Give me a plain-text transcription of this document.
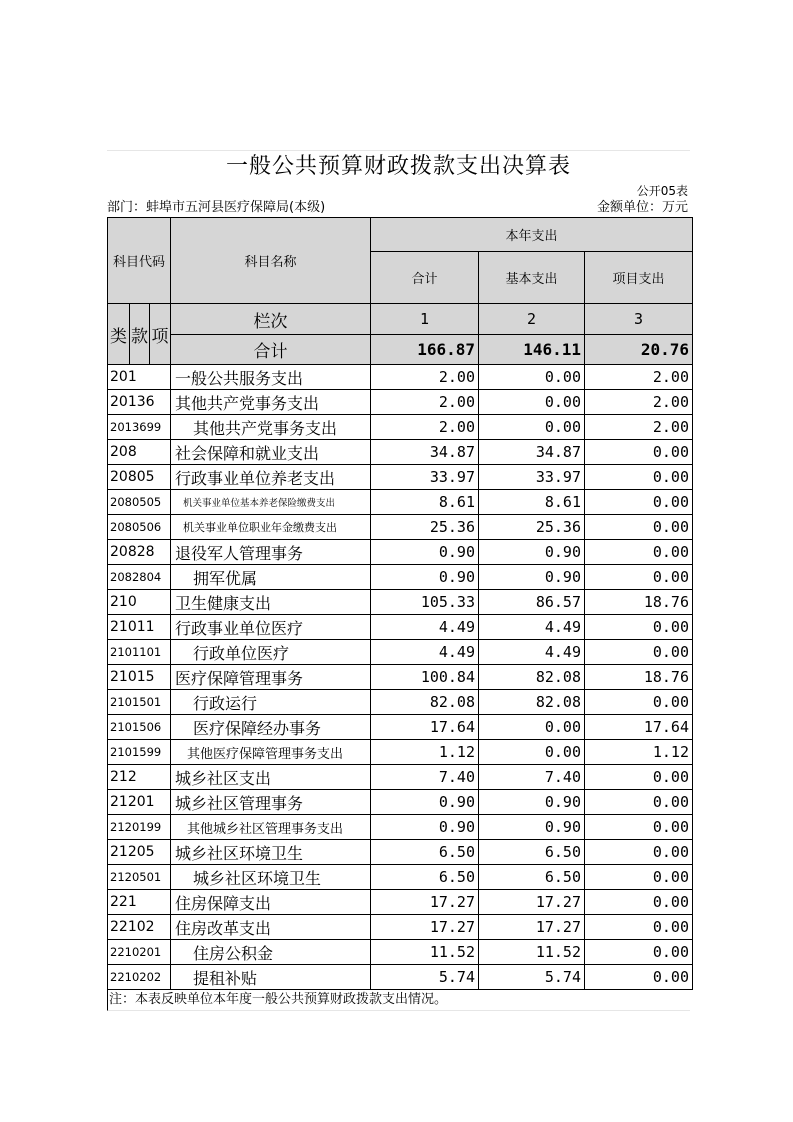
一般公共预算财政拨款支出决算表
公开05表
部门：蚌埠市五河县医疗保障局(本级)	金额单位：万元
科目代码			科目名称	本年支出		
				合计	基本支出	项目支出

类	款	项	栏次	1	2	3
			合计	166.87	146.11	20.76
201			一般公共服务支出	2.00	0.00	2.00
20136			其他共产党事务支出	2.00	0.00	2.00
2013699			其他共产党事务支出	2.00	0.00	2.00
208			社会保障和就业支出	34.87	34.87	0.00
20805			行政事业单位养老支出	33.97	33.97	0.00
2080505			机关事业单位基本养老保险缴费支出	8.61	8.61	0.00
2080506			机关事业单位职业年金缴费支出	25.36	25.36	0.00
20828			退役军人管理事务	0.90	0.90	0.00
2082804			拥军优属	0.90	0.90	0.00
210			卫生健康支出	105.33	86.57	18.76
21011			行政事业单位医疗	4.49	4.49	0.00
2101101			行政单位医疗	4.49	4.49	0.00
21015			医疗保障管理事务	100.84	82.08	18.76
2101501			行政运行	82.08	82.08	0.00
2101506			医疗保障经办事务	17.64	0.00	17.64
2101599			其他医疗保障管理事务支出	1.12	0.00	1.12
212			城乡社区支出	7.40	7.40	0.00
21201			城乡社区管理事务	0.90	0.90	0.00
2120199			其他城乡社区管理事务支出	0.90	0.90	0.00
21205			城乡社区环境卫生	6.50	6.50	0.00
2120501			城乡社区环境卫生	6.50	6.50	0.00
221			住房保障支出	17.27	17.27	0.00
22102			住房改革支出	17.27	17.27	0.00
2210201			住房公积金	11.52	11.52	0.00
2210202			提租补贴	5.74	5.74	0.00
注：本表反映单位本年度一般公共预算财政拨款支出情况。
